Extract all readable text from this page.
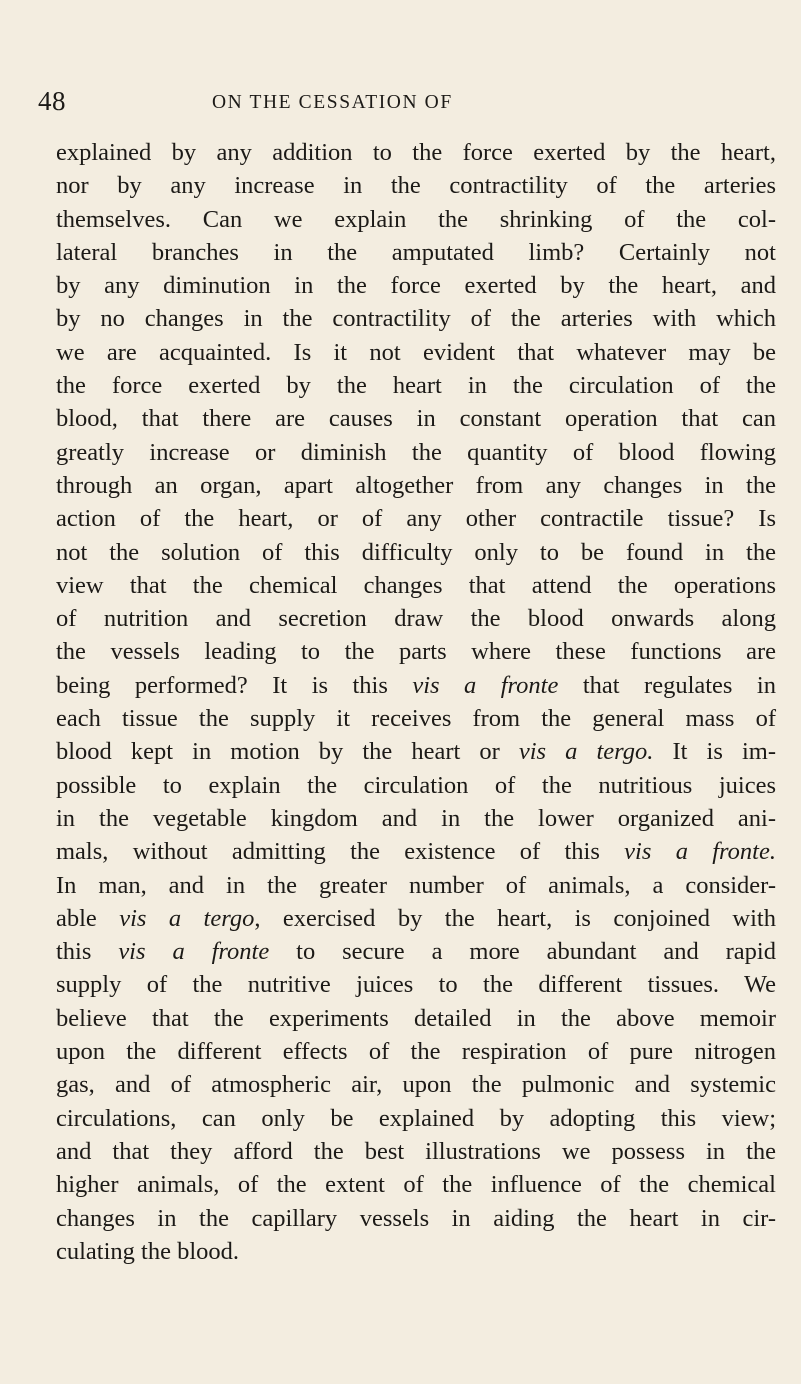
48	ON THE CESSATION OF
explained by any addition to the force exerted by the heart,
nor by any increase in the contractility of the arteries
themselves. Can we explain the shrinking of the col-
lateral branches in the amputated limb? Certainly not
by any diminution in the force exerted by the heart, and
by no changes in the contractility of the arteries with which
we are acquainted. Is it not evident that whatever may be
the force exerted by the heart in the circulation of the
blood, that there are causes in constant operation that can
greatly increase or diminish the quantity of blood flowing
through an organ, apart altogether from any changes in the
action of the heart, or of any other contractile tissue? Is
not the solution of this difficulty only to be found in the
view that the chemical changes that attend the operations
of nutrition and secretion draw the blood onwards along
the vessels leading to the parts where these functions are
being performed? It is this vis a fronte that regulates in
each tissue the supply it receives from the general mass of
blood kept in motion by the heart or vis a tergo. It is im-
possible to explain the circulation of the nutritious juices
in the vegetable kingdom and in the lower organized ani-
mals, without admitting the existence of this vis a fronte.
In man, and in the greater number of animals, a consider-
able vis a tergo, exercised by the heart, is conjoined with
this vis a fronte to secure a more abundant and rapid
supply of the nutritive juices to the different tissues. We
believe that the experiments detailed in the above memoir
upon the different effects of the respiration of pure nitrogen
gas, and of atmospheric air, upon the pulmonic and systemic
circulations, can only be explained by adopting this view;
and that they afford the best illustrations we possess in the
higher animals, of the extent of the influence of the chemical
changes in the capillary vessels in aiding the heart in cir-
culating the blood.
